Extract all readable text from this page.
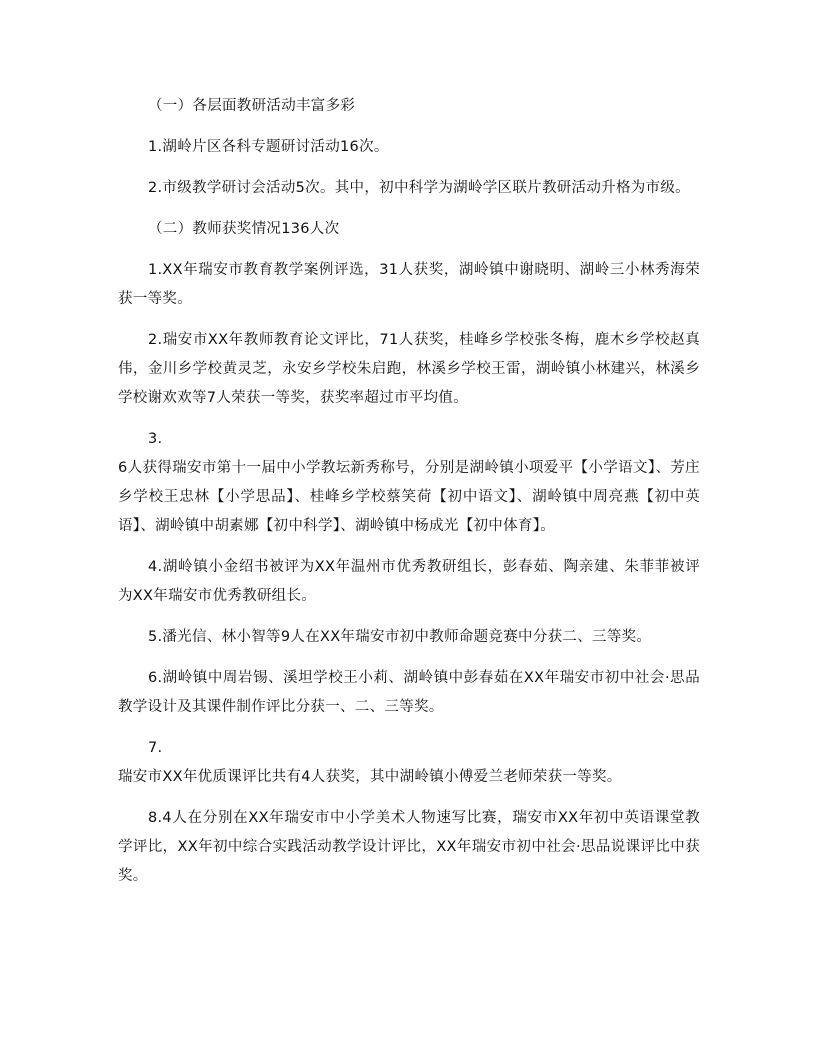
（一）各层面教研活动丰富多彩

1.湖岭片区各科专题研讨活动16次。

2.市级教学研讨会活动5次。其中，初中科学为湖岭学区联片教研活动升格为市级。

（二）教师获奖情况136人次

1.XX年瑞安市教育教学案例评选，31人获奖，湖岭镇中谢晓明、湖岭三小林秀海荣获一等奖。

2.瑞安市XX年教师教育论文评比，71人获奖，桂峰乡学校张冬梅，鹿木乡学校赵真伟，金川乡学校黄灵芝，永安乡学校朱启跑，林溪乡学校王雷，湖岭镇小林建兴，林溪乡学校谢欢欢等7人荣获一等奖，获奖率超过市平均值。

3.

6人获得瑞安市第十一届中小学教坛新秀称号，分别是湖岭镇小项爱平【小学语文】、芳庄乡学校王忠林【小学思品】、桂峰乡学校蔡笑荷【初中语文】、湖岭镇中周亮燕【初中英语】、湖岭镇中胡素娜【初中科学】、湖岭镇中杨成光【初中体育】。

4.湖岭镇小金绍书被评为XX年温州市优秀教研组长，彭春茹、陶亲建、朱菲菲被评为XX年瑞安市优秀教研组长。

5.潘光信、林小智等9人在XX年瑞安市初中教师命题竞赛中分获二、三等奖。

6.湖岭镇中周岩锡、溪坦学校王小莉、湖岭镇中彭春茹在XX年瑞安市初中社会·思品教学设计及其课件制作评比分获一、二、三等奖。

7.

瑞安市XX年优质课评比共有4人获奖，其中湖岭镇小傅爱兰老师荣获一等奖。

8.4人在分别在XX年瑞安市中小学美术人物速写比赛，瑞安市XX年初中英语课堂教学评比，XX年初中综合实践活动教学设计评比，XX年瑞安市初中社会·思品说课评比中获奖。
